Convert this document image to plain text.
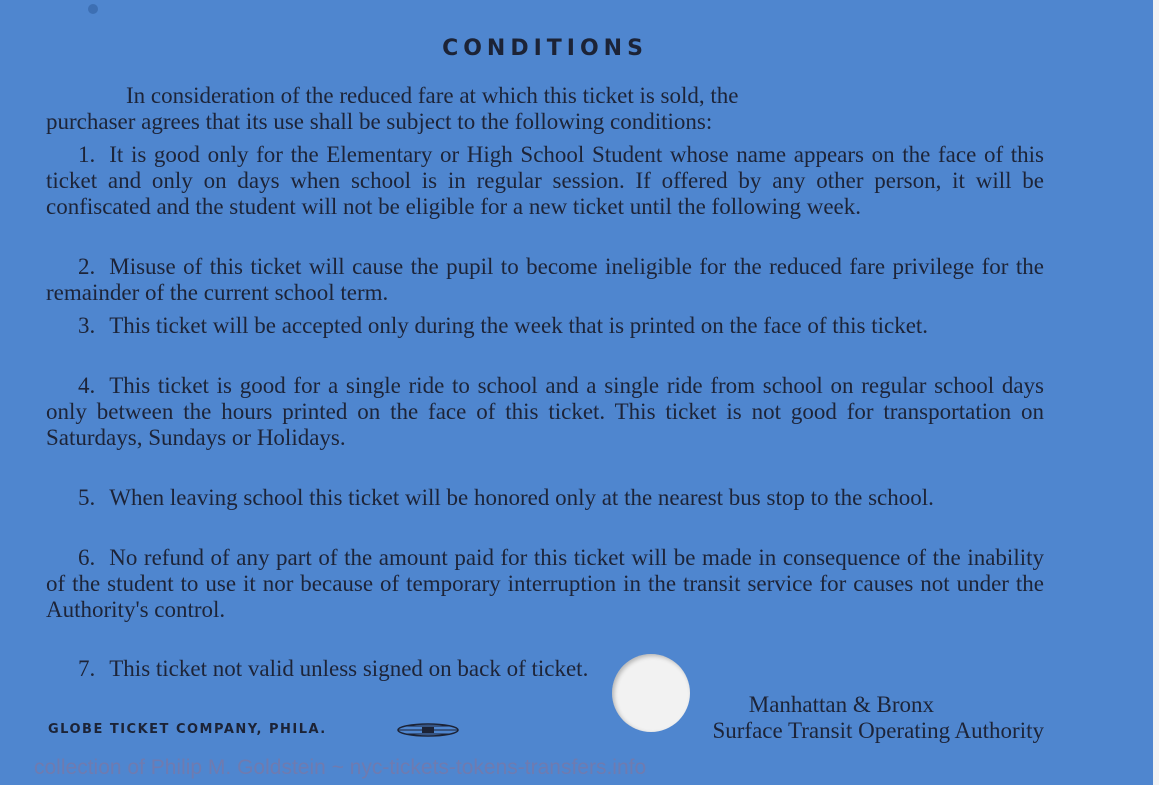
CONDITIONS
In consideration of the reduced fare at which this ticket is sold, the
purchaser agrees that its use shall be subject to the following conditions:
1. It is good only for the Elementary or High School Student whose name appears on the face of this ticket and only on days when school is in regular session. If offered by any other person, it will be confiscated and the student will not be eligible for a new ticket until the following week.
2. Misuse of this ticket will cause the pupil to become ineligible for the reduced fare privilege for the remainder of the current school term.
3. This ticket will be accepted only during the week that is printed on the face of this ticket.
4. This ticket is good for a single ride to school and a single ride from school on regular school days only between the hours printed on the face of this ticket. This ticket is not good for transportation on Saturdays, Sundays or Holidays.
5. When leaving school this ticket will be honored only at the nearest bus stop to the school.
6. No refund of any part of the amount paid for this ticket will be made in consequence of the inability of the student to use it nor because of temporary interruption in the transit service for causes not under the Authority's control.
7. This ticket not valid unless signed on back of ticket.
Manhattan & Bronx
Surface Transit Operating Authority
GLOBE TICKET COMPANY, PHILA.
collection of Philip M. Goldstein ~ nyc-tickets-tokens-transfers.info
